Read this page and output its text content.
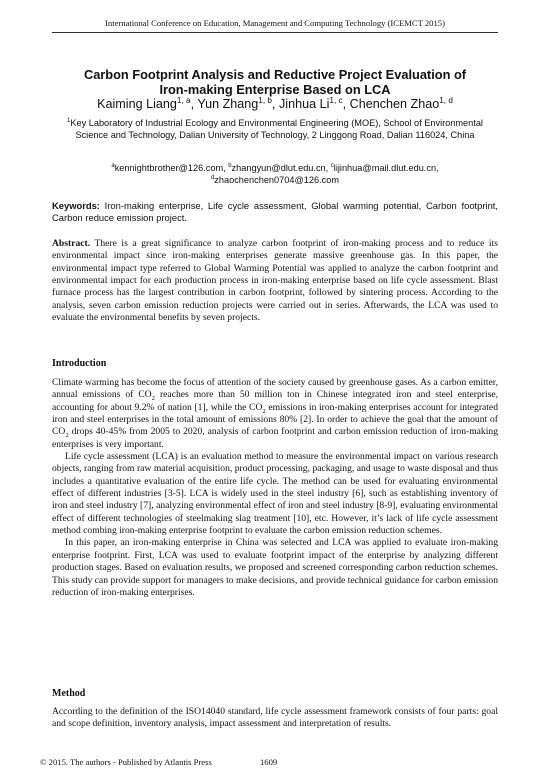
International Conference on Education, Management and Computing Technology (ICEMCT 2015)
Carbon Footprint Analysis and Reductive Project Evaluation of
Iron-making Enterprise Based on LCA
Kaiming Liang$^{1, a}$, Yun Zhang$^{1, b}$, Jinhua Li$^{1, c}$, Chenchen Zhao$^{1, d}$
$^1$Key Laboratory of Industrial Ecology and Environmental Engineering (MOE), School of Environmental Science and Technology, Dalian University of Technology, 2 Linggong Road, Dalian 116024, China
$^a$kennightbrother@126.com, $^b$zhangyun@dlut.edu.cn, $^c$lijinhua@mail.dlut.edu.cn, $^d$zhaochenchen0704@126.com
Keywords: Iron-making enterprise, Life cycle assessment, Global warming potential, Carbon footprint, Carbon reduce emission project.
Abstract. There is a great significance to analyze carbon footprint of iron-making process and to reduce its environmental impact since iron-making enterprises generate massive greenhouse gas. In this paper, the environmental impact type referred to Global Warming Potential was applied to analyze the carbon footprint and environmental impact for each production process in iron-making enterprise based on life cycle assessment. Blast furnace process has the largest contribution in carbon footprint, followed by sintering process. According to the analysis, seven carbon emission reduction projects were carried out in series. Afterwards, the LCA was used to evaluate the environmental benefits by seven projects.
Introduction

Climate warming has become the focus of attention of the society caused by greenhouse gases. As a carbon emitter, annual emissions of $CO_2$ reaches more than 50 million ton in Chinese integrated iron and steel enterprise, accounting for about 9.2% of nation [1], while the $CO_2$ emissions in iron-making enterprises account for integrated iron and steel enterprises in the total amount of emissions 80% [2]. In order to achieve the goal that the amount of $CO_2$ drops 40-45% from 2005 to 2020, analysis of carbon footprint and carbon emission reduction of iron-making enterprises is very important.

Life cycle assessment (LCA) is an evaluation method to measure the environmental impact on various research objects, ranging from raw material acquisition, product processing, packaging, and usage to waste disposal and thus includes a quantitative evaluation of the entire life cycle. The method can be used for evaluating environmental effect of different industries [3-5]. LCA is widely used in the steel industry [6], such as establishing inventory of iron and steel industry [7], analyzing environmental effect of iron and steel industry [8-9], evaluating environmental effect of different technologies of steelmaking slag treatment [10], etc. However, it’s lack of life cycle assessment method combing iron-making enterprise footprint to evaluate the carbon emission reduction schemes.

In this paper, an iron-making enterprise in China was selected and LCA was applied to evaluate iron-making enterprise footprint. First, LCA was used to evaluate footprint impact of the enterprise by analyzing different production stages. Based on evaluation results, we proposed and screened corresponding carbon reduction schemes. This study can provide support for managers to make decisions, and provide technical guidance for carbon emission reduction of iron-making enterprises.

Method
According to the definition of the ISO14040 standard, life cycle assessment framework consists of four parts: goal and scope definition, inventory analysis, impact assessment and interpretation of results.
© 2015. The authors - Published by Atlantis Press	1609
